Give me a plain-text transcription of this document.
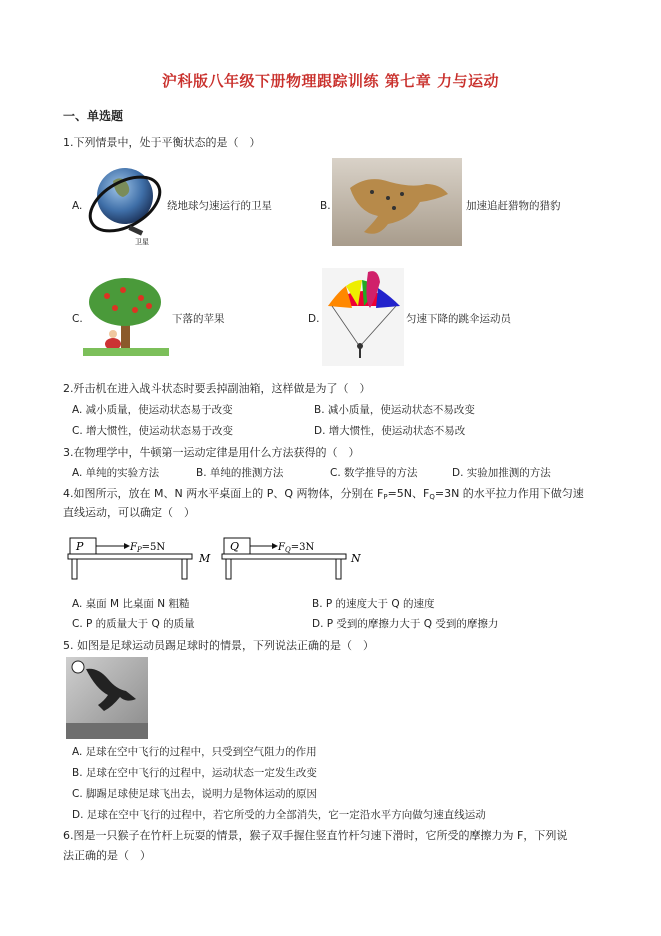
沪科版八年级下册物理跟踪训练 第七章 力与运动
一、单选题
1.下列情景中，处于平衡状态的是（　）
A.
卫星
绕地球匀速运行的卫星	B.	加速追赶猎物的猎豹
C.	下落的苹果	D.	匀速下降的跳伞运动员
2.歼击机在进入战斗状态时要丢掉副油箱，这样做是为了（　）
A. 减小质量，使运动状态易于改变	B. 减小质量，使运动状态不易改变
C. 增大惯性，使运动状态易于改变	D. 增大惯性，使运动状态不易改
3.在物理学中，牛顿第一运动定律是用什么方法获得的（　）
A. 单纯的实验方法	B. 单纯的推测方法	C. 数学推导的方法	D. 实验加推测的方法
4.如图所示，放在 M、N 两水平桌面上的 P、Q 两物体，分别在 $F_P=5N$、$F_Q=3N$ 的水平拉力作用下做匀速
直线运动，可以确定（　）
P	$F_P=5N$
M
Q	$F_Q=3N$
N
A. 桌面 M 比桌面 N 粗糙	B. P 的速度大于 Q 的速度
C. P 的质量大于 Q 的质量	D. P 受到的摩擦力大于 Q 受到的摩擦力
5. 如图是足球运动员踢足球时的情景，下列说法正确的是（　）
A. 足球在空中飞行的过程中，只受到空气阻力的作用
B. 足球在空中飞行的过程中，运动状态一定发生改变
C. 脚踢足球使足球飞出去，说明力是物体运动的原因
D. 足球在空中飞行的过程中，若它所受的力全部消失，它一定沿水平方向做匀速直线运动
6.图是一只猴子在竹杆上玩耍的情景，猴子双手握住竖直竹杆匀速下滑时，它所受的摩擦力为 F，下列说
法正确的是（　）
